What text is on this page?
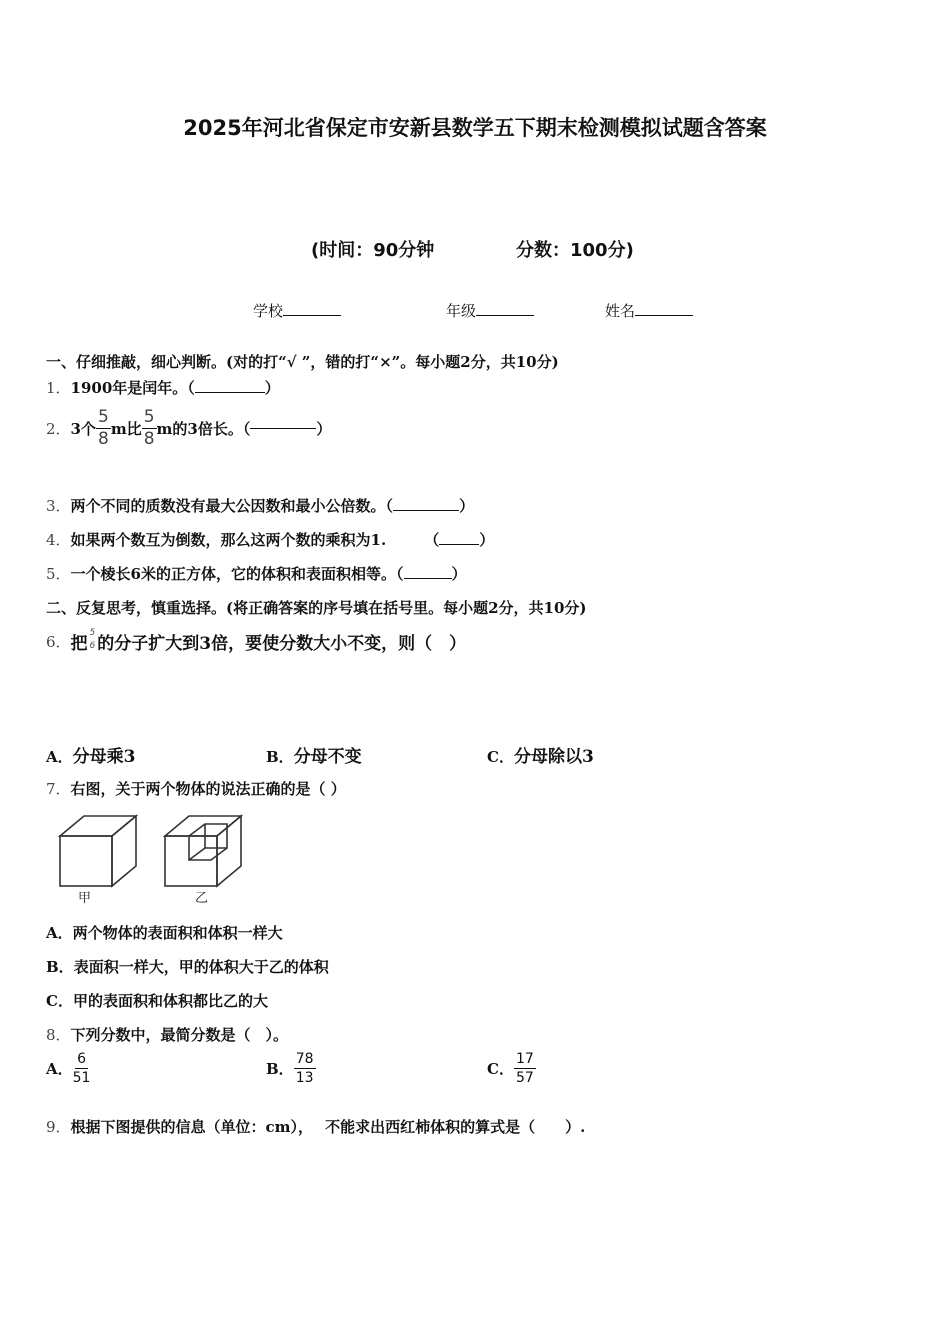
2025年河北省保定市安新县数学五下期末检测模拟试题含答案
(时间：90分钟	分数：100分)
学校	年级	姓名
一、仔细推敲，细心判断。(对的打“√ ”，错的打“×”。每小题2分，共10分)
1．1900年是闰年。（	）
2．3个 $\frac{5}{8}$ m比 $\frac{5}{8}$ m的3倍长。（	）
3．两个不同的质数没有最大公因数和最小公倍数。（	）
4．如果两个数互为倒数，那么这两个数的乘积为1.	（	）
5．一个棱长6米的正方体，它的体积和表面积相等。（	）
二、反复思考，慎重选择。(将正确答案的序号填在括号里。每小题2分，共10分)
6．把
5
6 的分子扩大到3倍，要使分数大小不变，则（　）
A．分母乘3	B．分母不变	C．分母除以3
7．右图，关于两个物体的说法正确的是（ ）
甲	乙
A．两个物体的表面积和体积一样大
B．表面积一样大，甲的体积大于乙的体积
C．甲的表面积和体积都比乙的大
8．下列分数中，最简分数是（　）。
A． $\frac{6}{51}$	B． $\frac{78}{13}$	C． $\frac{17}{57}$
9．根据下图提供的信息（单位：cm）， 不能求出西红柿体积的算式是（　　）.
